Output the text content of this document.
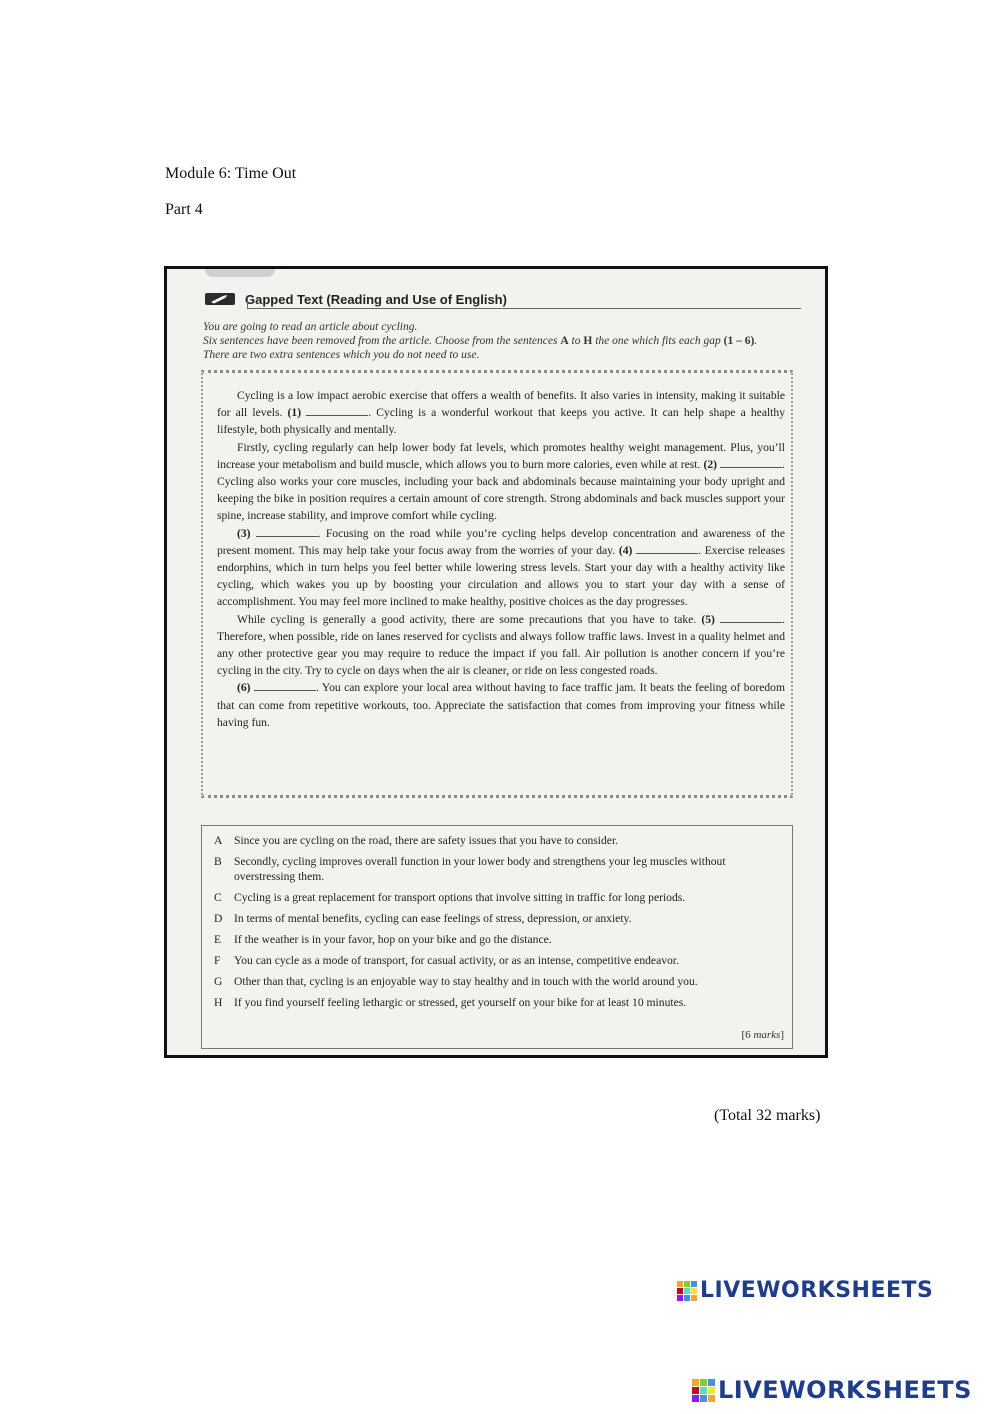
Module 6: Time Out
Part 4
Gapped Text (Reading and Use of English)
You are going to read an article about cycling.
Six sentences have been removed from the article. Choose from the sentences A to H the one which fits each gap (1 – 6).
There are two extra sentences which you do not need to use.

Cycling is a low impact aerobic exercise that offers a wealth of benefits. It also varies in intensity, making it suitable for all levels. (1)	. Cycling is a wonderful workout that keeps you active. It can help shape a healthy lifestyle, both physically and mentally.

Firstly, cycling regularly can help lower body fat levels, which promotes healthy weight management. Plus, you’ll increase your metabolism and build muscle, which allows you to burn more calories, even while at rest. (2)	. Cycling also works your core muscles, including your back and abdominals because maintaining your body upright and keeping the bike in position requires a certain amount of core strength. Strong abdominals and back muscles support your spine, increase stability, and improve comfort while cycling.

(3)	. Focusing on the road while you’re cycling helps develop concentration and awareness of the present moment. This may help take your focus away from the worries of your day. (4)	. Exercise releases endorphins, which in turn helps you feel better while lowering stress levels. Start your day with a healthy activity like cycling, which wakes you up by boosting your circulation and allows you to start your day with a sense of accomplishment. You may feel more inclined to make healthy, positive choices as the day progresses.

While cycling is generally a good activity, there are some precautions that you have to take. (5)	. Therefore, when possible, ride on lanes reserved for cyclists and always follow traffic laws. Invest in a quality helmet and any other protective gear you may require to reduce the impact if you fall. Air pollution is another concern if you’re cycling in the city. Try to cycle on days when the air is cleaner, or ride on less congested roads.

(6)	. You can explore your local area without having to face traffic jam. It beats the feeling of boredom that can come from repetitive workouts, too. Appreciate the satisfaction that comes from improving your fitness while having fun.

A	Since you are cycling on the road, there are safety issues that you have to consider.
B	Secondly, cycling improves overall function in your lower body and strengthens your leg muscles without overstressing them.
C	Cycling is a great replacement for transport options that involve sitting in traffic for long periods.
D	In terms of mental benefits, cycling can ease feelings of stress, depression, or anxiety.
E	If the weather is in your favor, hop on your bike and go the distance.
F	You can cycle as a mode of transport, for casual activity, or as an intense, competitive endeavor.
G	Other than that, cycling is an enjoyable way to stay healthy and in touch with the world around you.
H	If you find yourself feeling lethargic or stressed, get yourself on your bike for at least 10 minutes.
[6 marks]
(Total 32 marks)
LIVEWORKSHEETS
LIVEWORKSHEETS
